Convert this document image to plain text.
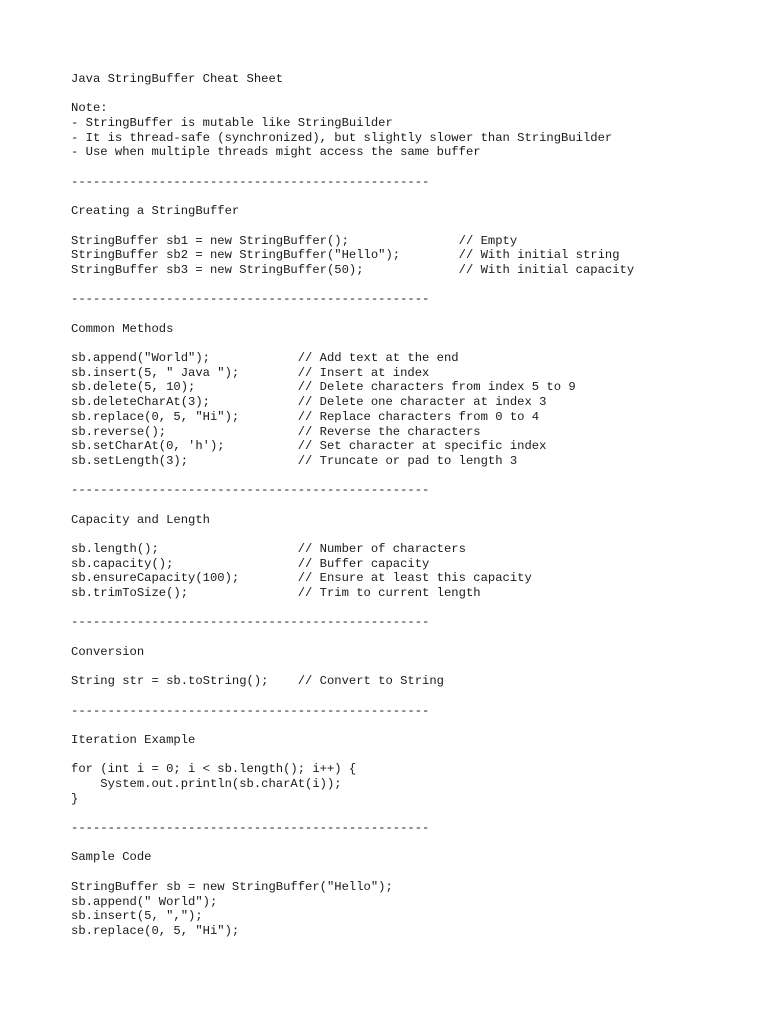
Java StringBuffer Cheat Sheet
Note:
- StringBuffer is mutable like StringBuilder
- It is thread-safe (synchronized), but slightly slower than StringBuilder
- Use when multiple threads might access the same buffer
-------------------------------------------------
Creating a StringBuffer
StringBuffer sb1 = new StringBuffer();               // Empty
StringBuffer sb2 = new StringBuffer("Hello");        // With initial string
StringBuffer sb3 = new StringBuffer(50);             // With initial capacity
-------------------------------------------------
Common Methods
sb.append("World");            // Add text at the end
sb.insert(5, " Java ");        // Insert at index
sb.delete(5, 10);              // Delete characters from index 5 to 9
sb.deleteCharAt(3);            // Delete one character at index 3
sb.replace(0, 5, "Hi");        // Replace characters from 0 to 4
sb.reverse();                  // Reverse the characters
sb.setCharAt(0, 'h');          // Set character at specific index
sb.setLength(3);               // Truncate or pad to length 3
-------------------------------------------------
Capacity and Length
sb.length();                   // Number of characters
sb.capacity();                 // Buffer capacity
sb.ensureCapacity(100);        // Ensure at least this capacity
sb.trimToSize();               // Trim to current length
-------------------------------------------------
Conversion
String str = sb.toString();    // Convert to String
-------------------------------------------------
Iteration Example
for (int i = 0; i < sb.length(); i++) {
System.out.println(sb.charAt(i));
}
-------------------------------------------------
Sample Code
StringBuffer sb = new StringBuffer("Hello");
sb.append(" World");
sb.insert(5, ",");
sb.replace(0, 5, "Hi");
